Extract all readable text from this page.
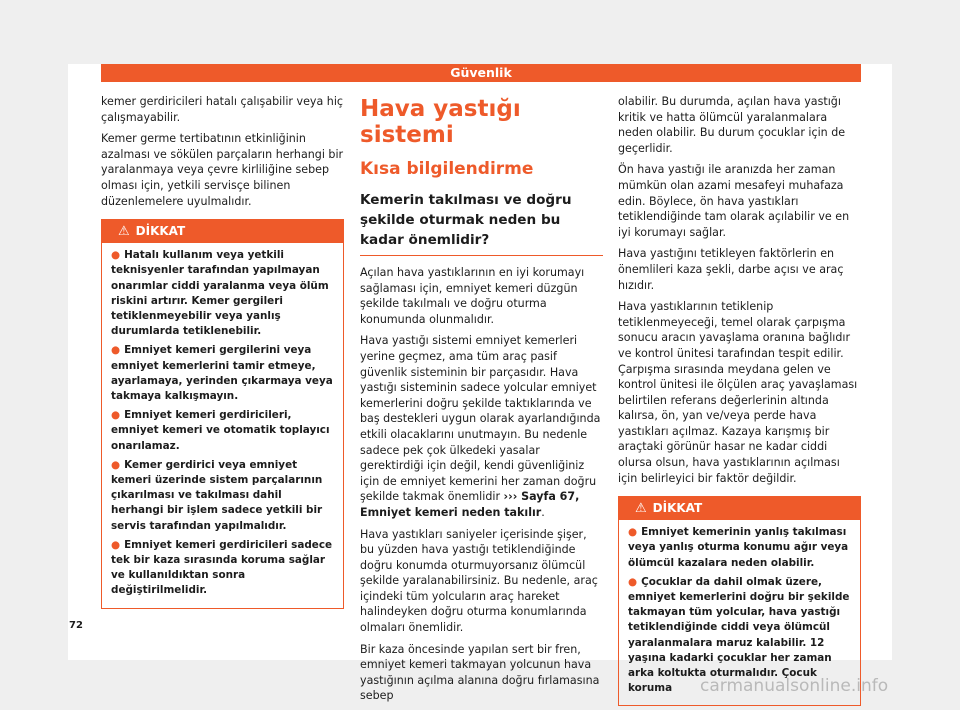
Güvenlik

kemer gerdiricileri hatalı çalışabilir veya hiç çalışmayabilir.

Kemer germe tertibatının etkinliğinin azalması ve sökülen parçaların herhangi bir yaralanmaya veya çevre kirliliğine sebep olması için, yetkili servisçe bilinen düzenlemelere uyulmalıdır.

⚠ DİKKAT
● Hatalı kullanım veya yetkili teknisyenler tarafından yapılmayan onarımlar ciddi yaralanma veya ölüm riskini artırır. Kemer gergileri tetiklenmeyebilir veya yanlış durumlarda tetiklenebilir.
● Emniyet kemeri gergilerini veya emniyet kemerlerini tamir etmeye, ayarlamaya, yerinden çıkarmaya veya takmaya kalkışmayın.
● Emniyet kemeri gerdiricileri, emniyet kemeri ve otomatik toplayıcı onarılamaz.
● Kemer gerdirici veya emniyet kemeri üzerinde sistem parçalarının çıkarılması ve takılması dahil herhangi bir işlem sadece yetkili bir servis tarafından yapılmalıdır.
● Emniyet kemeri gerdiricileri sadece tek bir kaza sırasında koruma sağlar ve kullanıldıktan sonra değiştirilmelidir.
Hava yastığı sistemi
Kısa bilgilendirme
Kemerin takılması ve doğru şekilde oturmak neden bu kadar önemlidir?

Açılan hava yastıklarının en iyi korumayı sağlaması için, emniyet kemeri düzgün şekilde takılmalı ve doğru oturma konumunda olunmalıdır.

Hava yastığı sistemi emniyet kemerleri yerine geçmez, ama tüm araç pasif güvenlik sisteminin bir parçasıdır. Hava yastığı sisteminin sadece yolcular emniyet kemerlerini doğru şekilde taktıklarında ve baş destekleri uygun olarak ayarlandığında etkili olacaklarını unutmayın. Bu nedenle sadece pek çok ülkedeki yasalar gerektirdiği için değil, kendi güvenliğiniz için de emniyet kemerini her zaman doğru şekilde takmak önemlidir ››› Sayfa 67, Emniyet kemeri neden takılır.

Hava yastıkları saniyeler içerisinde şişer, bu yüzden hava yastığı tetiklendiğinde doğru konumda oturmuyorsanız ölümcül şekilde yaralanabilirsiniz. Bu nedenle, araç içindeki tüm yolcuların araç hareket halindeyken doğru oturma konumlarında olmaları önemlidir.

Bir kaza öncesinde yapılan sert bir fren, emniyet kemeri takmayan yolcunun hava yastığının açılma alanına doğru fırlamasına sebep

olabilir. Bu durumda, açılan hava yastığı kritik ve hatta ölümcül yaralanmalara neden olabilir. Bu durum çocuklar için de geçerlidir.

Ön hava yastığı ile aranızda her zaman mümkün olan azami mesafeyi muhafaza edin. Böylece, ön hava yastıkları tetiklendiğinde tam olarak açılabilir ve en iyi korumayı sağlar.

Hava yastığını tetikleyen faktörlerin en önemlileri kaza şekli, darbe açısı ve araç hızıdır.

Hava yastıklarının tetiklenip tetiklenmeyeceği, temel olarak çarpışma sonucu aracın yavaşlama oranına bağlıdır ve kontrol ünitesi tarafından tespit edilir. Çarpışma sırasında meydana gelen ve kontrol ünitesi ile ölçülen araç yavaşlaması belirtilen referans değerlerinin altında kalırsa, ön, yan ve/veya perde hava yastıkları açılmaz. Kazaya karışmış bir araçtaki görünür hasar ne kadar ciddi olursa olsun, hava yastıklarının açılması için belirleyici bir faktör değildir.

⚠ DİKKAT
● Emniyet kemerinin yanlış takılması veya yanlış oturma konumu ağır veya ölümcül kazalara neden olabilir.
● Çocuklar da dahil olmak üzere, emniyet kemerlerini doğru bir şekilde takmayan tüm yolcular, hava yastığı tetiklendiğinde ciddi veya ölümcül yaralanmalara maruz kalabilir. 12 yaşına kadarki çocuklar her zaman arka koltukta oturmalıdır. Çocuk koruma
72
carmanualsonline.info
